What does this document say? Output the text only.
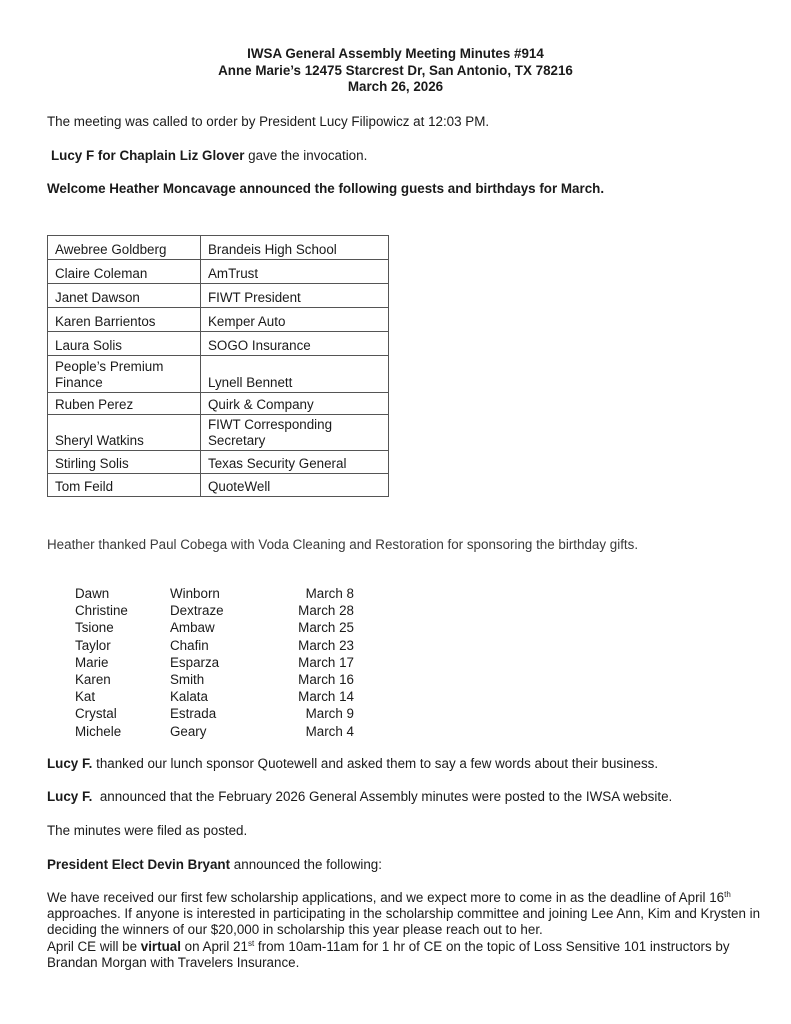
IWSA General Assembly Meeting Minutes #914
Anne Marie’s 12475 Starcrest Dr, San Antonio, TX 78216
March 26, 2026
The meeting was called to order by President Lucy Filipowicz at 12:03 PM.
Lucy F for Chaplain Liz Glover gave the invocation.
Welcome Heather Moncavage announced the following guests and birthdays for March.
Awebree Goldberg	Brandeis High School
Claire Coleman	AmTrust
Janet Dawson	FIWT President
Karen Barrientos	Kemper Auto
Laura Solis	SOGO Insurance

People’s Premium
Finance	Lynell Bennett
Ruben Perez	Quirk & Company
Sheryl Watkins	FIWT Corresponding
Secretary

Stirling Solis	Texas Security General
Tom Feild	QuoteWell
Heather thanked Paul Cobega with Voda Cleaning and Restoration for sponsoring the birthday gifts.
Dawn	Winborn	March 8
Christine	Dextraze	March 28
Tsione	Ambaw	March 25
Taylor	Chafin	March 23
Marie	Esparza	March 17
Karen	Smith	March 16
Kat	Kalata	March 14
Crystal	Estrada	March 9
Michele	Geary	March 4
Lucy F. thanked our lunch sponsor Quotewell and asked them to say a few words about their business.
Lucy F.  announced that the February 2026 General Assembly minutes were posted to the IWSA website.
The minutes were filed as posted.
President Elect Devin Bryant announced the following:
We have received our first few scholarship applications, and we expect more to come in as the deadline of April 16th approaches. If anyone is interested in participating in the scholarship committee and joining Lee Ann, Kim and Krysten in deciding the winners of our $20,000 in scholarship this year please reach out to her.
April CE will be virtual on April 21st from 10am-11am for 1 hr of CE on the topic of Loss Sensitive 101 instructors by Brandan Morgan with Travelers Insurance.
